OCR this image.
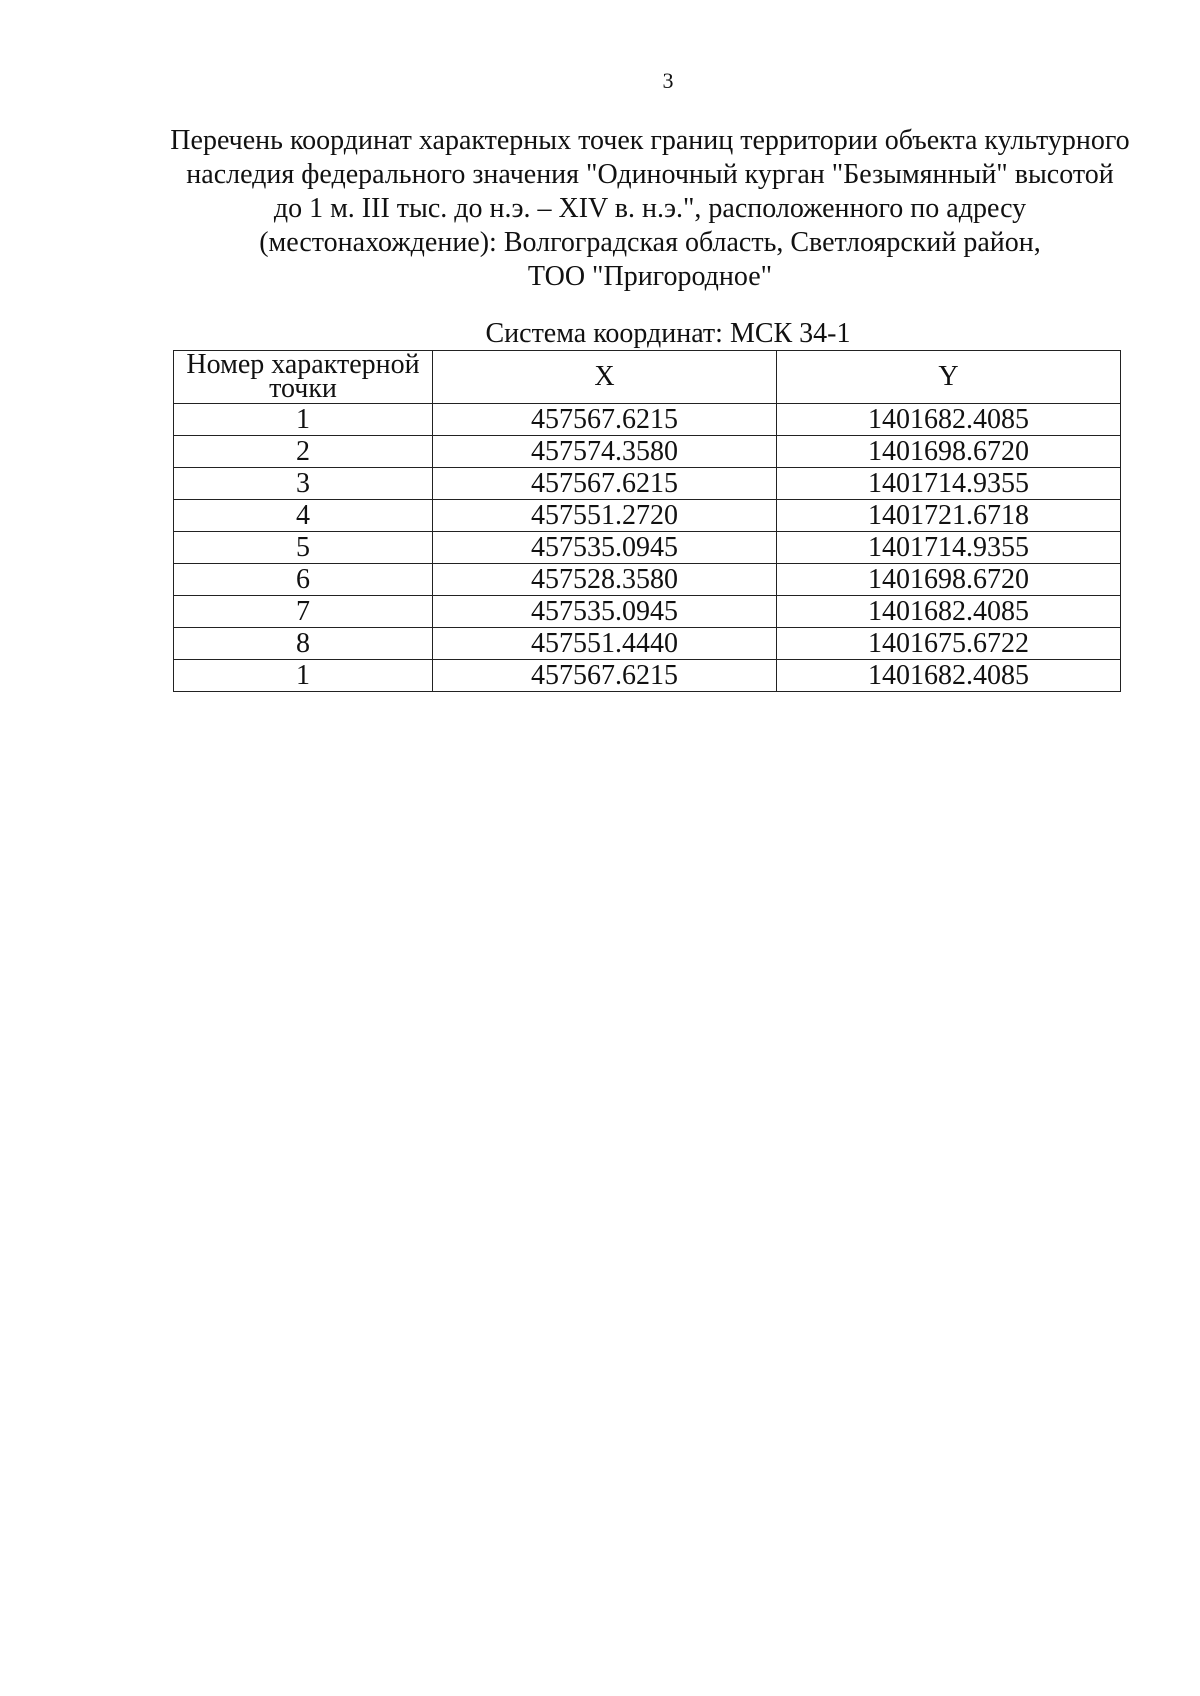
3
Перечень координат характерных точек границ территории объекта культурного
наследия федерального значения "Одиночный курган "Безымянный" высотой
до 1 м. III тыс. до н.э. – XIV в. н.э.", расположенного по адресу
(местонахождение): Волгоградская область, Светлоярский район,
ТОО "Пригородное"
Система координат: МСК 34-1
Номер характерной
точки	X	Y
1	457567.6215	1401682.4085
2	457574.3580	1401698.6720
3	457567.6215	1401714.9355
4	457551.2720	1401721.6718
5	457535.0945	1401714.9355
6	457528.3580	1401698.6720
7	457535.0945	1401682.4085
8	457551.4440	1401675.6722
1	457567.6215	1401682.4085
